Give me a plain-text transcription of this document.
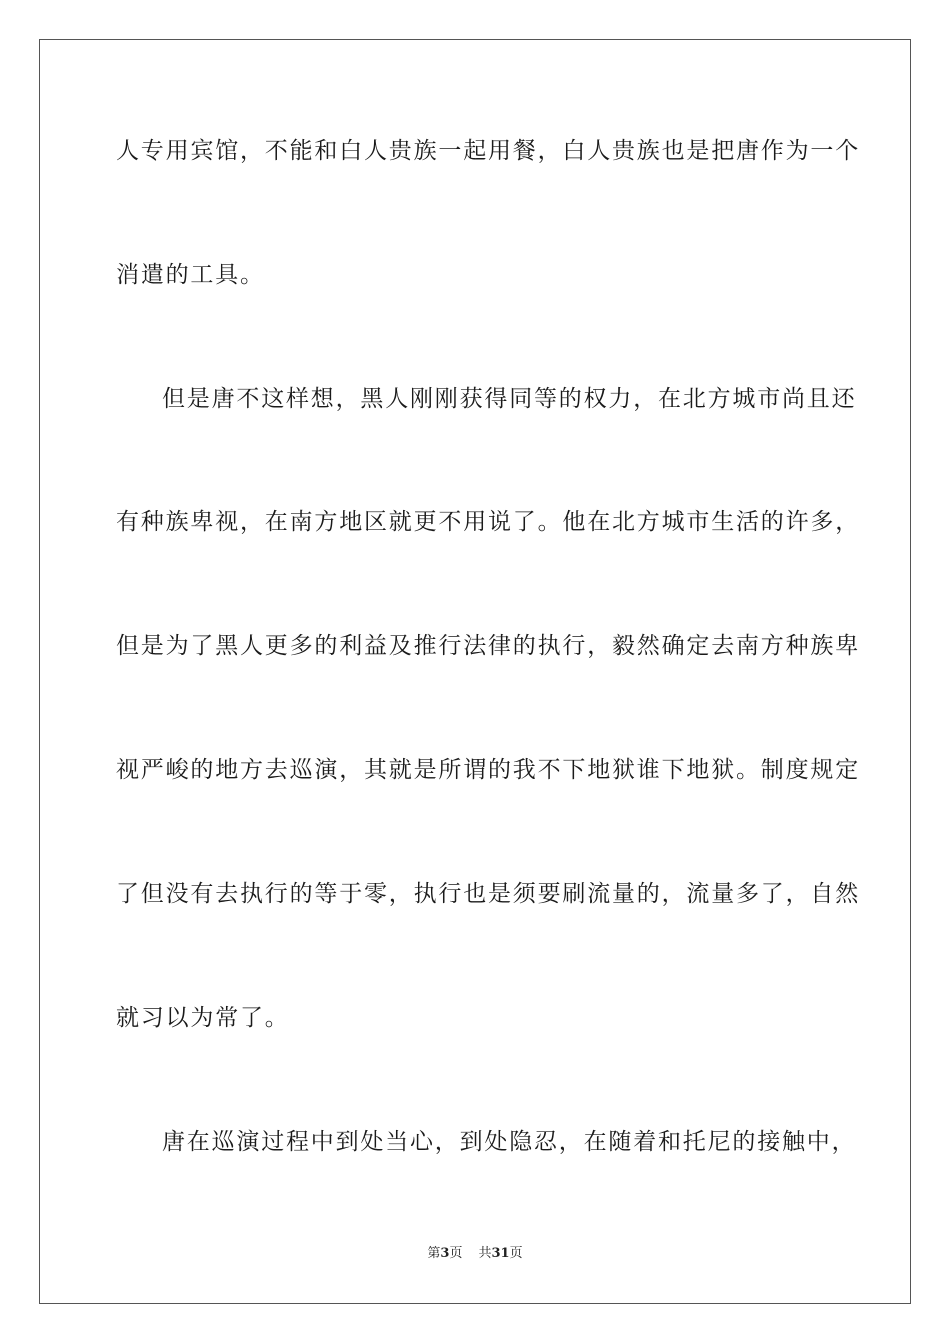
人专用宾馆，不能和白人贵族一起用餐，白人贵族也是把唐作为一个
消遣的工具。
但是唐不这样想，黑人刚刚获得同等的权力，在北方城市尚且还
有种族卑视，在南方地区就更不用说了。他在北方城市生活的许多，
但是为了黑人更多的利益及推行法律的执行，毅然确定去南方种族卑
视严峻的地方去巡演，其就是所谓的我不下地狱谁下地狱。制度规定
了但没有去执行的等于零，执行也是须要刷流量的，流量多了，自然
就习以为常了。
唐在巡演过程中到处当心，到处隐忍，在随着和托尼的接触中，
第3页 共31页
